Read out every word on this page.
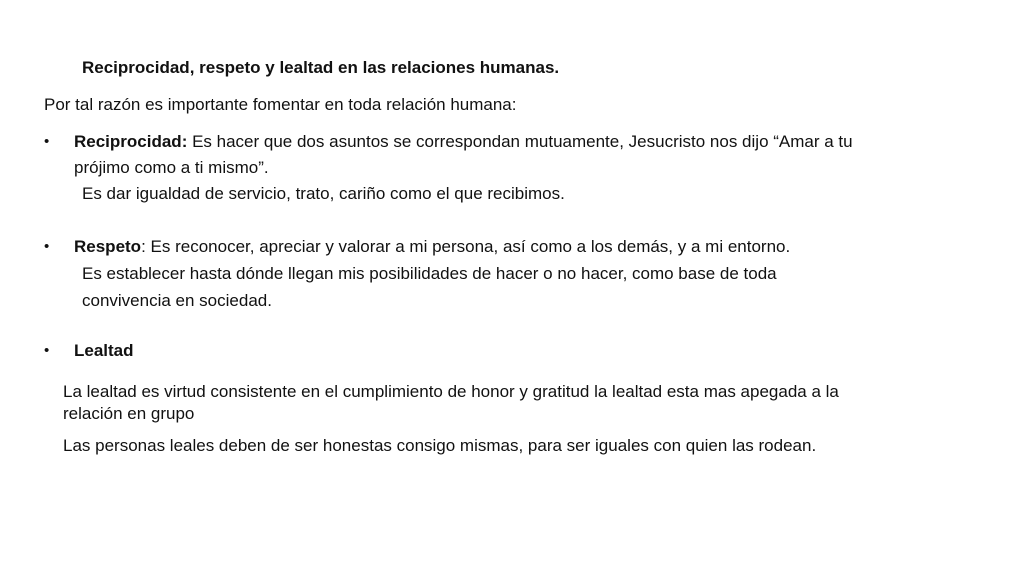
Reciprocidad, respeto y lealtad en las relaciones humanas.
Por tal razón es importante fomentar en toda relación humana:
• Reciprocidad: Es hacer que dos asuntos se correspondan mutuamente, Jesucristo nos dijo “Amar a tu
prójimo como a ti mismo”.
Es dar igualdad de servicio, trato, cariño como el que recibimos.
• Respeto: Es reconocer, apreciar y valorar a mi persona, así como a los demás, y a mi entorno.
Es establecer hasta dónde llegan mis posibilidades de hacer o no hacer, como base de toda
convivencia en sociedad.
• Lealtad
La lealtad es virtud consistente en el cumplimiento de honor y gratitud la lealtad esta mas apegada a la
relación en grupo
Las personas leales deben de ser honestas consigo mismas, para ser iguales con quien las rodean.
